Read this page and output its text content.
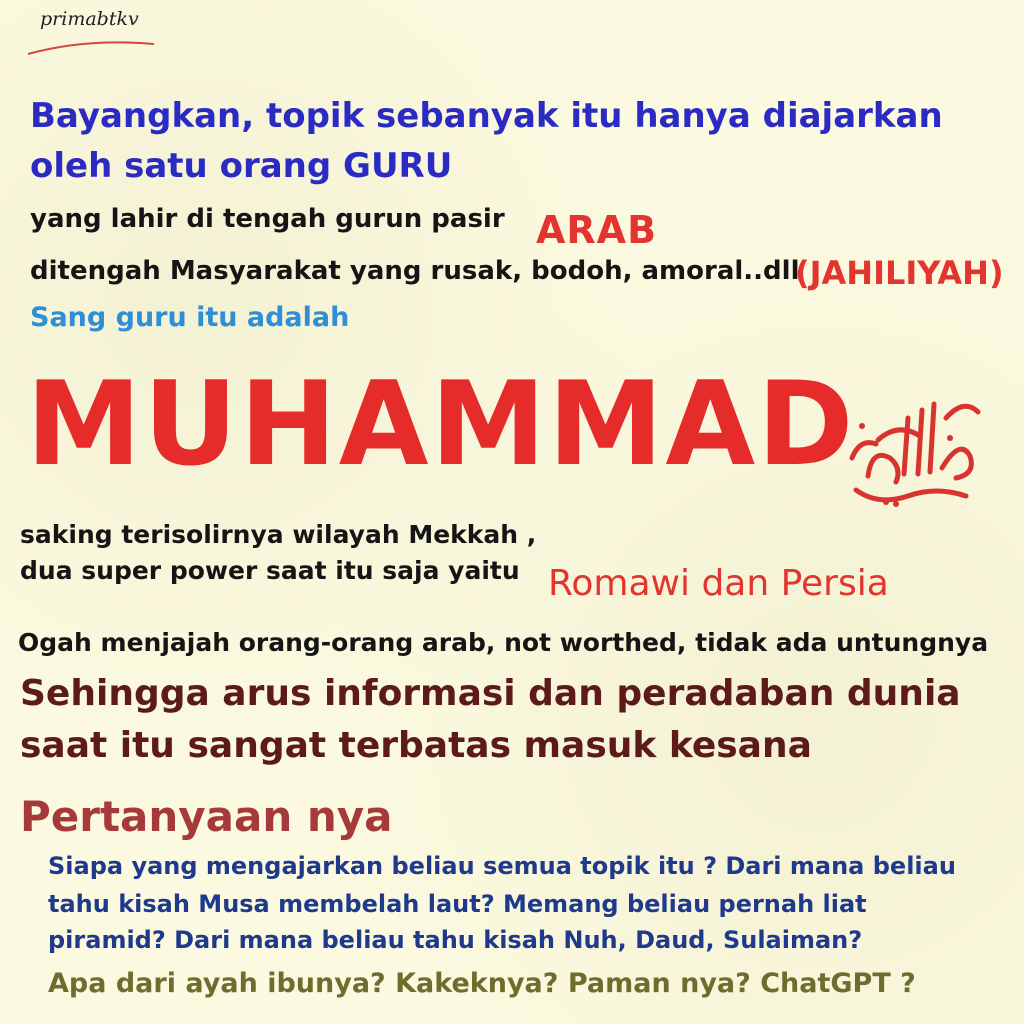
primabtkv

Bayangkan, topik sebanyak itu hanya diajarkan

oleh satu orang GURU

yang lahir di tengah gurun pasir ARAB

ditengah Masyarakat yang rusak, bodoh, amoral..dll

(JAHILIYAH)

Sang guru itu adalah

MUHAMMAD

saking terisolirnya wilayah Mekkah ,

dua super power saat itu saja yaitu Romawi dan Persia

Ogah menjajah orang-orang arab, not worthed, tidak ada untungnya

Sehingga arus informasi dan peradaban dunia

saat itu sangat terbatas masuk kesana

Pertanyaan nya

Siapa yang mengajarkan beliau semua topik itu ? Dari mana beliau

tahu kisah Musa membelah laut? Memang beliau pernah liat

piramid? Dari mana beliau tahu kisah Nuh, Daud, Sulaiman?

Apa dari ayah ibunya? Kakeknya? Paman nya? ChatGPT ?
